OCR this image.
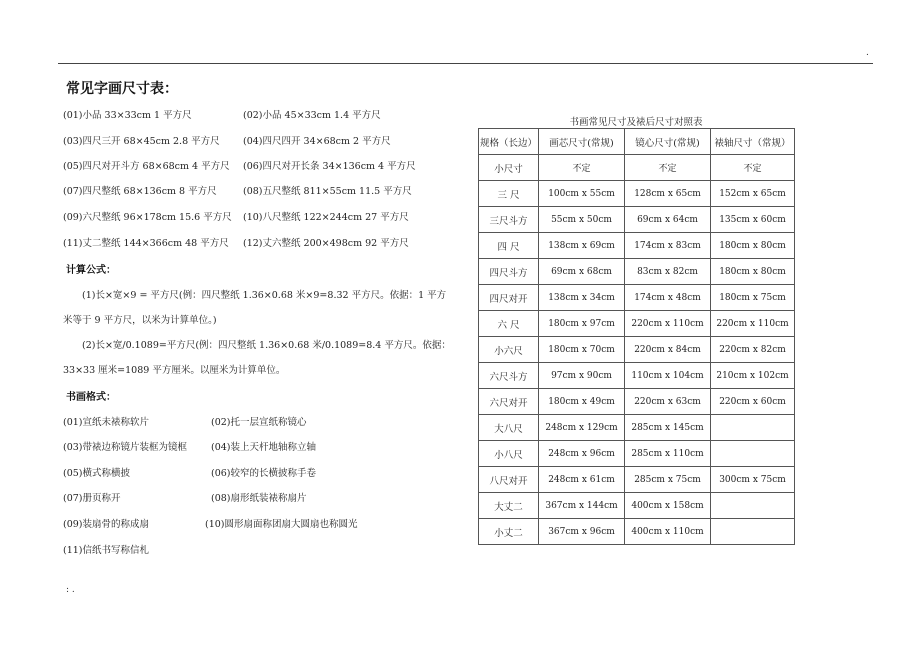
.
常见字画尺寸表：
(01)小品 33×33cm 1 平方尺	(02)小品 45×33cm 1.4 平方尺
(03)四尺三开 68×45cm 2.8 平方尺 (04)四尺四开 34×68cm 2 平方尺
(05)四尺对开斗方 68×68cm 4 平方尺 (06)四尺对开长条 34×136cm 4 平方尺
(07)四尺整纸 68×136cm 8 平方尺	(08)五尺整纸 811×55cm 11.5 平方尺
(09)六尺整纸 96×178cm 15.6 平方尺 (10)八尺整纸 122×244cm 27 平方尺
(11)丈二整纸 144×366cm 48 平方尺 (12)丈六整纸 200×498cm 92 平方尺
计算公式：
(1)长×宽×9 = 平方尺(例：四尺整纸 1.36×0.68 米×9=8.32 平方尺。依据：1 平方
米等于 9 平方尺，以米为计算单位。)
(2)长×宽/0.1089=平方尺(例：四尺整纸 1.36×0.68 米/0.1089=8.4 平方尺。依据：
33×33 厘米=1089 平方厘米。以厘米为计算单位。
书画格式：
(01)宣纸未裱称软片	(02)托一层宣纸称镜心
(03)带裱边称镜片装框为镜框	(04)装上天杆地轴称立轴
(05)横式称横披	(06)较窄的长横披称手卷
(07)册页称开	(08)扇形纸装裱称扇片
(09)装扇骨的称成扇	(10)圆形扇面称团扇大圆扇也称圆光
(11)信纸书写称信札
书画常见尺寸及裱后尺寸对照表
规格（长边）	画芯尺寸(常规)	镜心尺寸(常规)	裱轴尺寸（常规）
小尺寸	不定	不定	不定
三 尺	100cm x 55cm	128cm x 65cm	152cm x 65cm
三尺斗方	55cm x 50cm	69cm x 64cm	135cm x 60cm
四 尺	138cm x 69cm	174cm x 83cm	180cm x 80cm
四尺斗方	69cm x 68cm	83cm x 82cm	180cm x 80cm
四尺对开	138cm x 34cm	174cm x 48cm	180cm x 75cm
六 尺	180cm x 97cm	220cm x 110cm	220cm x 110cm
小六尺	180cm x 70cm	220cm x 84cm	220cm x 82cm
六尺斗方	97cm x 90cm	110cm x 104cm	210cm x 102cm
六尺对开	180cm x 49cm	220cm x 63cm	220cm x 60cm
大八尺	248cm x 129cm	285cm x 145cm	
小八尺	248cm x 96cm	285cm x 110cm	
八尺对开	248cm x 61cm	285cm x 75cm	300cm x 75cm
大丈二	367cm x 144cm	400cm x 158cm	
小丈二	367cm x 96cm	400cm x 110cm	
: .
